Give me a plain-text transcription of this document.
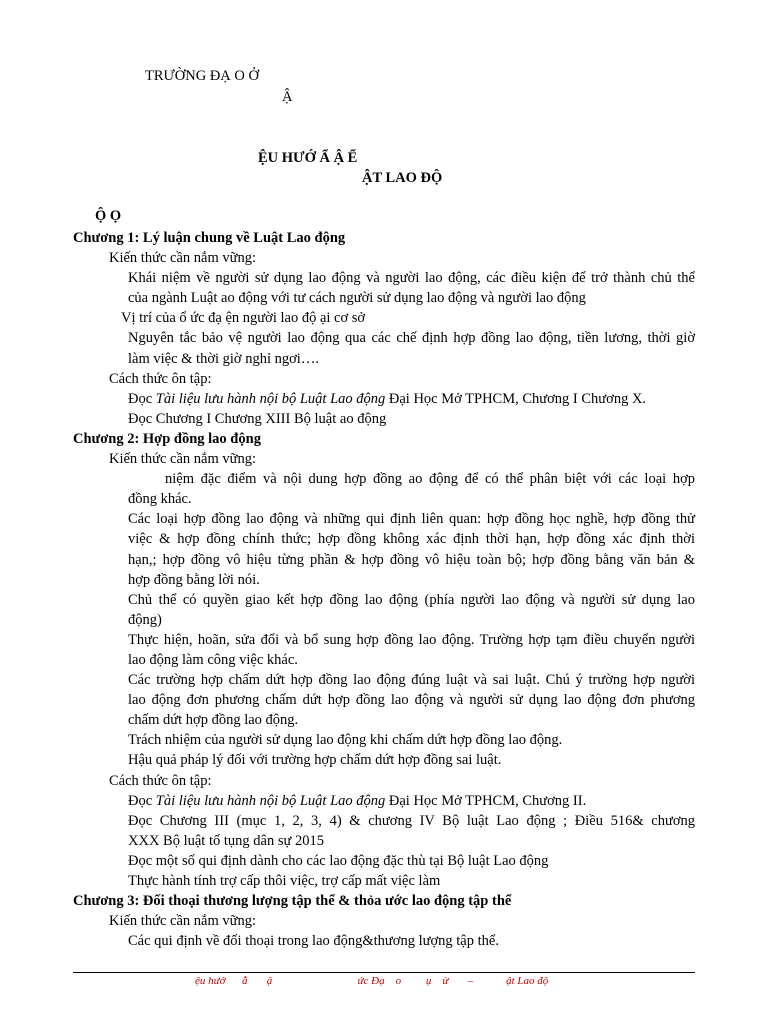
TRƯỜNG ĐẠ O Ở
Ậ
ỆU HƯỚ Ẩ Ậ Ể
ẬT LAO ĐỘ
Ộ Ọ
Chương 1: Lý luận chung về Luật Lao động
Kiến thức cần nắm vững:
Khái niệm về người sử dụng lao động và người lao động, các điều kiện để trở thành chủ thể
của ngành Luật ao động với tư cách người sử dụng lao động và người lao động
Vị trí của ổ ức đạ ện người lao độ ại cơ sở
Nguyên tắc bảo vệ người lao động qua các chế định hợp đồng lao động, tiền lương, thời giờ
làm việc & thời giờ nghỉ ngơi….
Cách thức ôn tập:
Đọc Tài liệu lưu hành nội bộ Luật Lao động Đại Học Mở TPHCM, Chương I Chương X.
Đọc Chương I Chương XIII Bộ luật ao động
Chương 2: Hợp đồng lao động
Kiến thức cần nắm vững:
niệm đặc điểm và nội dung hợp đồng ao động để có thể phân biệt với các loại hợp
đồng khác.
Các loại hợp đồng lao động và những qui định liên quan: hợp đồng học nghề, hợp đồng thử
việc & hợp đồng chính thức; hợp đồng không xác định thời hạn, hợp đồng xác định thời
hạn,; hợp đồng vô hiệu từng phần & hợp đồng vô hiệu toàn bộ; hợp đồng bằng văn bản &
hợp đồng bằng lời nói.
Chủ thể có quyền giao kết hợp đồng lao động (phía người lao động và người sử dụng lao
động)
Thực hiện, hoãn, sửa đổi và bổ sung hợp đồng lao động. Trường hợp tạm điều chuyển người
lao động làm công việc khác.
Các trường hợp chấm dứt hợp đồng lao động đúng luật và sai luật. Chú ý trường hợp người
lao động đơn phương chấm dứt hợp đồng lao động và người sử dụng lao động đơn phương
chấm dứt hợp đồng lao động.
Trách nhiệm của người sử dụng lao động khi chấm dứt hợp đồng lao động.
Hậu quả pháp lý đối với trường hợp chấm dứt hợp đồng sai luật.
Cách thức ôn tập:
Đọc Tài liệu lưu hành nội bộ Luật Lao động Đại Học Mở TPHCM, Chương II.
Đọc Chương III (mục 1, 2, 3, 4) & chương IV Bộ luật Lao động ; Điều 516& chương
XXX Bộ luật tố tụng dân sự 2015
Đọc một số qui định dành cho các lao động đặc thù tại Bộ luật Lao động
Thực hành tính trợ cấp thôi việc, trợ cấp mất việc làm
Chương 3: Đối thoại thương lượng tập thể & thỏa ước lao động tập thể
Kiến thức cần nắm vững:
Các qui định về đối thoại trong lao động&thương lượng tập thể.
ệu hướ      ẫ       ậ                               ức Đạ    o         ụ    ừ       –            ật Lao độ
